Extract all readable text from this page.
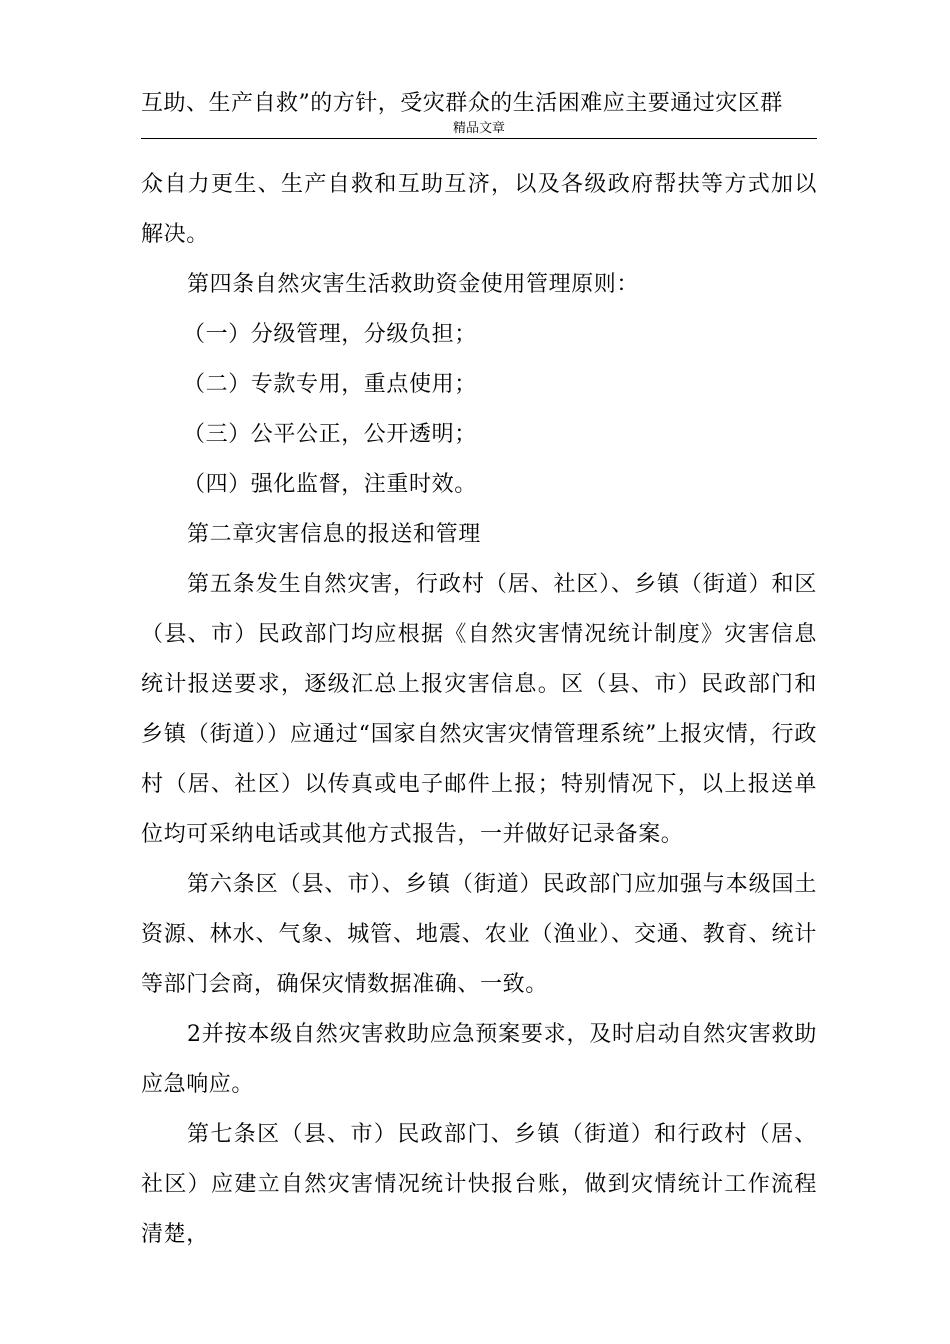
互助、生产自救”的方针，受灾群众的生活困难应主要通过灾区群
精品文章

众自力更生、生产自救和互助互济，以及各级政府帮扶等方式加以解决。

第四条自然灾害生活救助资金使用管理原则：

（一）分级管理，分级负担；

（二）专款专用，重点使用；

（三）公平公正，公开透明；

（四）强化监督，注重时效。

第二章灾害信息的报送和管理

第五条发生自然灾害，行政村（居、社区）、乡镇（街道）和区（县、市）民政部门均应根据《自然灾害情况统计制度》灾害信息统计报送要求，逐级汇总上报灾害信息。区（县、市）民政部门和乡镇（街道））应通过“国家自然灾害灾情管理系统”上报灾情，行政村（居、社区）以传真或电子邮件上报；特别情况下，以上报送单位均可采纳电话或其他方式报告，一并做好记录备案。

第六条区（县、市）、乡镇（街道）民政部门应加强与本级国土资源、林水、气象、城管、地震、农业（渔业）、交通、教育、统计等部门会商，确保灾情数据准确、一致。

2并按本级自然灾害救助应急预案要求，及时启动自然灾害救助应急响应。

第七条区（县、市）民政部门、乡镇（街道）和行政村（居、社区）应建立自然灾害情况统计快报台账，做到灾情统计工作流程清楚，
